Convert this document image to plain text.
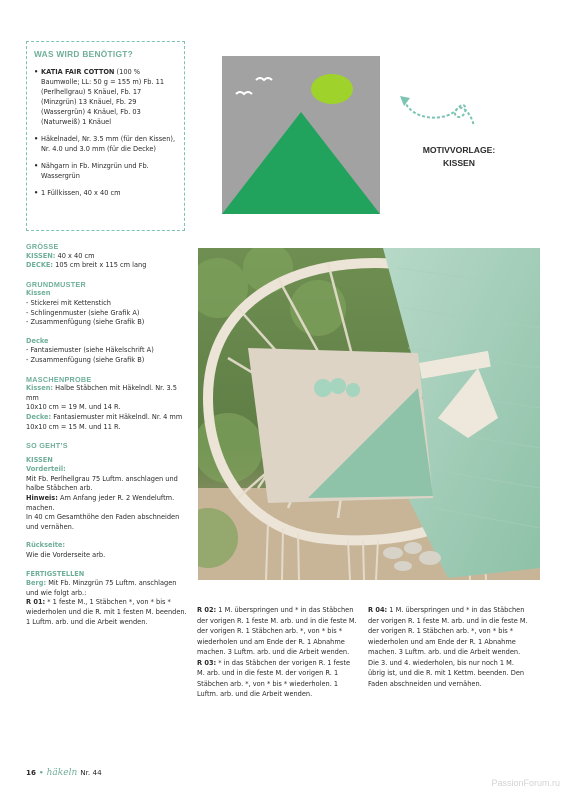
WAS WIRD BENÖTIGT?
• KATIA FAIR COTTON (100 % Baumwolle; LL: 50 g = 155 m) Fb. 11 (Perlhellgrau) 5 Knäuel, Fb. 17 (Minzgrün) 13 Knäuel, Fb. 29 (Wassergrün) 4 Knäuel, Fb. 03 (Naturweiß) 1 Knäuel
• Häkelnadel, Nr. 3.5 mm (für den Kissen), Nr. 4.0 und 3.0 mm (für die Decke)
• Nähgarn in Fb. Minzgrün und Fb. Wassergrün
• 1 Füllkissen, 40 x 40 cm
MOTIVVORLAGE:
KISSEN
GRÖSSE
KISSEN: 40 x 40 cm
DECKE: 105 cm breit x 115 cm lang
GRUNDMUSTER
Kissen
- Stickerei mit Kettenstich
- Schlingenmuster (siehe Grafik A)
- Zusammenfügung (siehe Grafik B)
Decke
- Fantasiemuster (siehe Häkelschrift A)
- Zusammenfügung (siehe Grafik B)
MASCHENPROBE
Kissen: Halbe Stäbchen mit Häkelndl. Nr. 3.5 mm
10x10 cm = 19 M. und 14 R.
Decke: Fantasiemuster mit Häkelndl. Nr. 4 mm
10x10 cm = 15 M. und 11 R.
SO GEHT’S
KISSEN
Vorderteil:
Mit Fb. Perlhellgrau 75 Luftm. anschlagen und halbe Stäbchen arb.
Hinweis: Am Anfang jeder R. 2 Wendeluftm. machen.
In 40 cm Gesamthöhe den Faden abschneiden und vernähen.
Rückseite:
Wie die Vorderseite arb.
FERTIGSTELLEN
Berg: Mit Fb. Minzgrün 75 Luftm. anschlagen und wie folgt arb.:
R 01: * 1 feste M., 1 Stäbchen *, von * bis * wiederholen und die R. mit 1 festen M. beenden. 1 Luftm. arb. und die Arbeit wenden.
R 02: 1 M. überspringen und * in das Stäbchen der vorigen R. 1 feste M. arb. und in die feste M. der vorigen R. 1 Stäbchen arb. *, von * bis * wiederholen und am Ende der R. 1 Abnahme machen. 3 Luftm. arb. und die Arbeit wenden.
R 03: * in das Stäbchen der vorigen R. 1 feste M. arb. und in die feste M. der vorigen R. 1 Stäbchen arb. *, von * bis * wiederholen. 1 Luftm. arb. und die Arbeit wenden.
R 04: 1 M. überspringen und * in das Stäbchen der vorigen R. 1 feste M. arb. und in die feste M. der vorigen R. 1 Stäbchen arb. *, von * bis * wiederholen und am Ende der R. 1 Abnahme machen. 3 Luftm. arb. und die Arbeit wenden.
Die 3. und 4. wiederholen, bis nur noch 1 M. übrig ist, und die R. mit 1 Kettm. beenden. Den Faden abschneiden und vernähen.
16 • häkeln Nr. 44
PassionForum.ru
